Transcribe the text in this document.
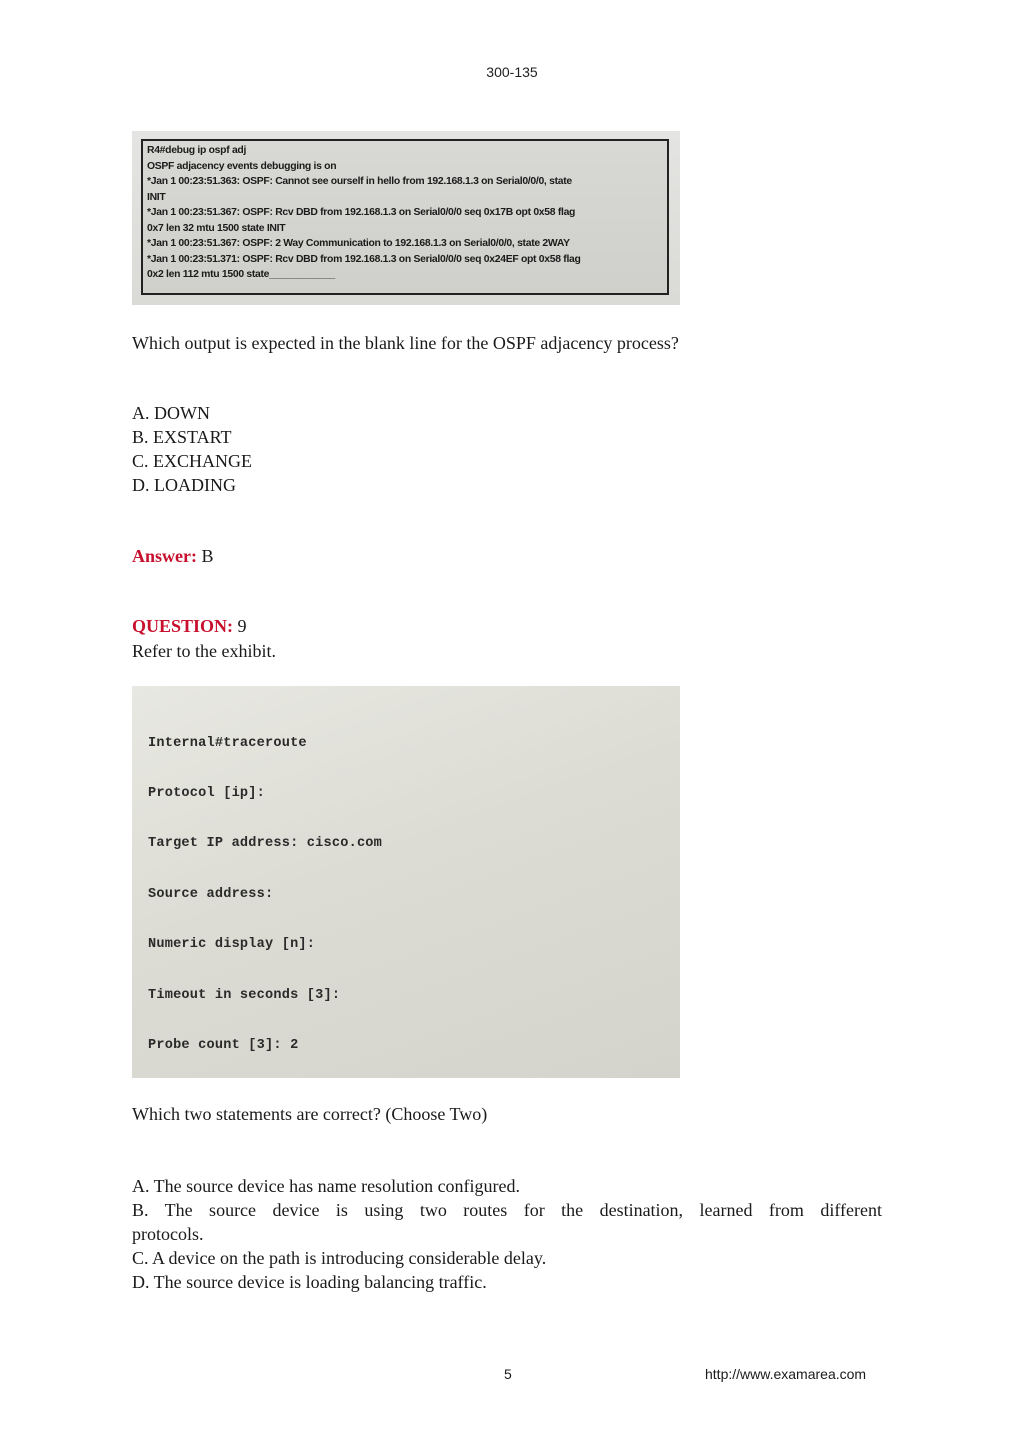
300-135
R4#debug ip ospf adj
OSPF adjacency events debugging is on
*Jan 1 00:23:51.363: OSPF: Cannot see ourself in hello from 192.168.1.3 on Serial0/0/0, state
INIT
*Jan 1 00:23:51.367: OSPF: Rcv DBD from 192.168.1.3 on Serial0/0/0 seq 0x17B opt 0x58 flag
0x7 len 32 mtu 1500 state INIT
*Jan 1 00:23:51.367: OSPF: 2 Way Communication to 192.168.1.3 on Serial0/0/0, state 2WAY
*Jan 1 00:23:51.371: OSPF: Rcv DBD from 192.168.1.3 on Serial0/0/0 seq 0x24EF opt 0x58 flag
0x2 len 112 mtu 1500 state____________
Which output is expected in the blank line for the OSPF adjacency process?
A. DOWN
B. EXSTART
C. EXCHANGE
D. LOADING
Answer: B
QUESTION: 9
Refer to the exhibit.

Internal#traceroute

Protocol [ip]:

Target IP address: cisco.com

Source address:

Numeric display [n]:

Timeout in seconds [3]:

Probe count [3]: 2

Which two statements are correct? (Choose Two)
A. The source device has name resolution configured.
B. The source device is using two routes for the destination, learned from different
protocols.
C. A device on the path is introducing considerable delay.
D. The source device is loading balancing traffic.
5	http://www.examarea.com
